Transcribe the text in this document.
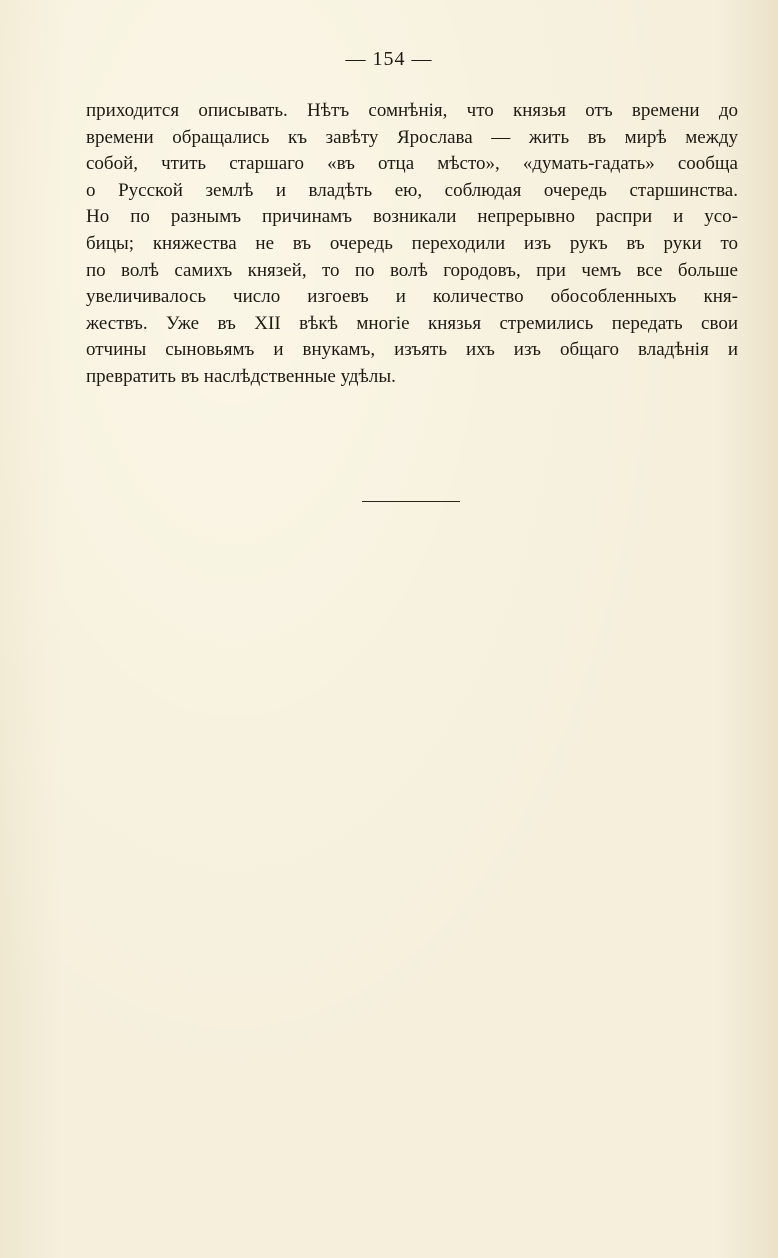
— 154 —
приходится описывать. Нѣтъ сомнѣнія, что князья отъ времени до
времени обращались къ завѣту Ярослава — жить въ мирѣ между
собой, чтить старшаго «въ отца мѣсто», «думать-гадать» сообща
о Русской землѣ и владѣть ею, соблюдая очередь старшинства.
Но по разнымъ причинамъ возникали непрерывно распри и усо-
бицы; княжества не въ очередь переходили изъ рукъ въ руки то
по волѣ самихъ князей, то по волѣ городовъ, при чемъ все больше
увеличивалось число изгоевъ и количество обособленныхъ кня-
жествъ. Уже въ XII вѣкѣ многіе князья стремились передать свои
отчины сыновьямъ и внукамъ, изъять ихъ изъ общаго владѣнія и
превратить въ наслѣдственные удѣлы.
